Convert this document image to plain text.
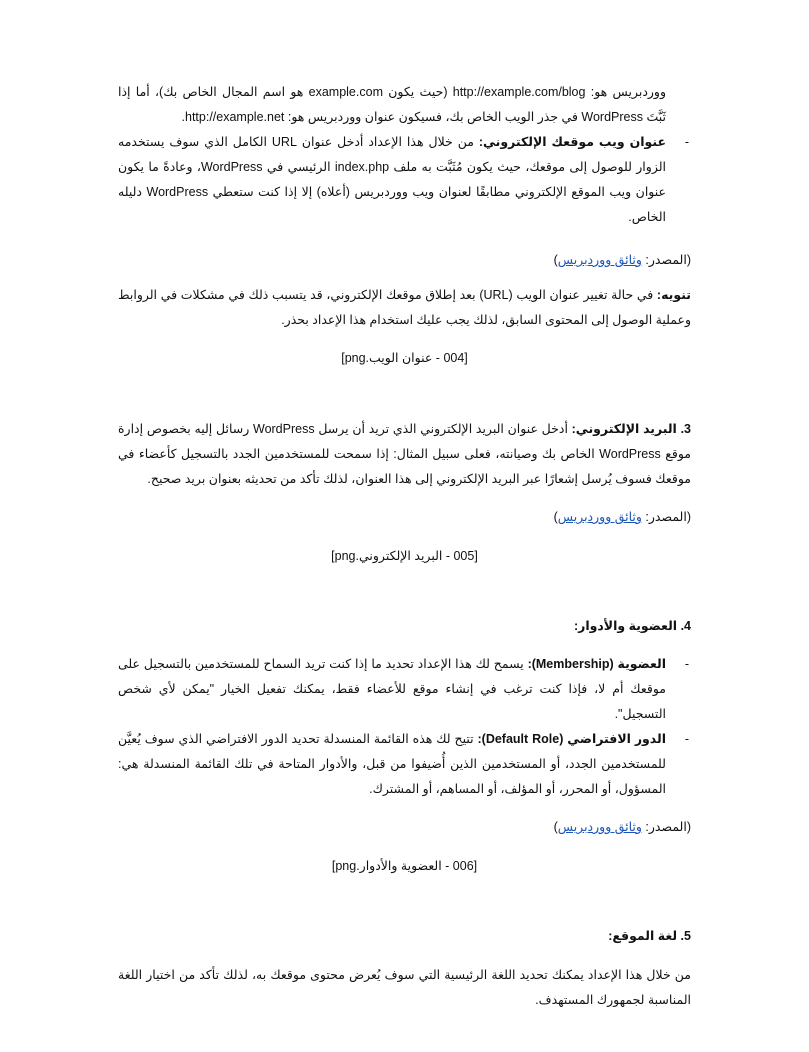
ووردبريس هو: http://example.com/blog (حيث يكون example.com هو اسم المجال الخاص بك)، أما إذا ثَبَّتَ WordPress في جذر الويب الخاص بك، فسيكون عنوان ووردبريس هو: http://example.net.

- عنوان ويب موقعك الإلكتروني: من خلال هذا الإعداد أدخل عنوان URL الكامل الذي سوف يستخدمه الزوار للوصول إلى موقعك، حيث يكون مُثَبَّت به ملف index.php الرئيسي في WordPress، وعادةً ما يكون عنوان ويب الموقع الإلكتروني مطابقًا لعنوان ويب ووردبريس (أعلاه) إلا إذا كنت ستعطي WordPress دليله الخاص.

(المصدر: وثائق ووردبريس)

تنويه: في حالة تغيير عنوان الويب (URL) بعد إطلاق موقعك الإلكتروني، قد يتسبب ذلك في مشكلات في الروابط وعملية الوصول إلى المحتوى السابق، لذلك يجب عليك استخدام هذا الإعداد بحذر.

[004 - عنوان الويب.png]

3. البريد الإلكتروني: أدخل عنوان البريد الإلكتروني الذي تريد أن يرسل WordPress رسائل إليه بخصوص إدارة موقع WordPress الخاص بك وصيانته، فعلى سبيل المثال: إذا سمحت للمستخدمين الجدد بالتسجيل كأعضاء في موقعك فسوف يُرسل إشعارًا عبر البريد الإلكتروني إلى هذا العنوان، لذلك تأكد من تحديثه بعنوان بريد صحيح.

(المصدر: وثائق ووردبريس)

[005 - البريد الإلكتروني.png]

4. العضوية والأدوار:

- العضوية (Membership): يسمح لك هذا الإعداد تحديد ما إذا كنت تريد السماح للمستخدمين بالتسجيل على موقعك أم لا، فإذا كنت ترغب في إنشاء موقع للأعضاء فقط، يمكنك تفعيل الخيار "يمكن لأي شخص التسجيل".
- الدور الافتراضي (Default Role): تتيح لك هذه القائمة المنسدلة تحديد الدور الافتراضي الذي سوف يُعيَّن للمستخدمين الجدد، أو المستخدمين الذين أُضيفوا من قبل، والأدوار المتاحة في تلك القائمة المنسدلة هي: المسؤول، أو المحرر، أو المؤلف، أو المساهم، أو المشترك.

(المصدر: وثائق ووردبريس)

[006 - العضوية والأدوار.png]

5. لغة الموقع:

من خلال هذا الإعداد يمكنك تحديد اللغة الرئيسية التي سوف يُعرض محتوى موقعك به، لذلك تأكد من اختيار اللغة المناسبة لجمهورك المستهدف.
